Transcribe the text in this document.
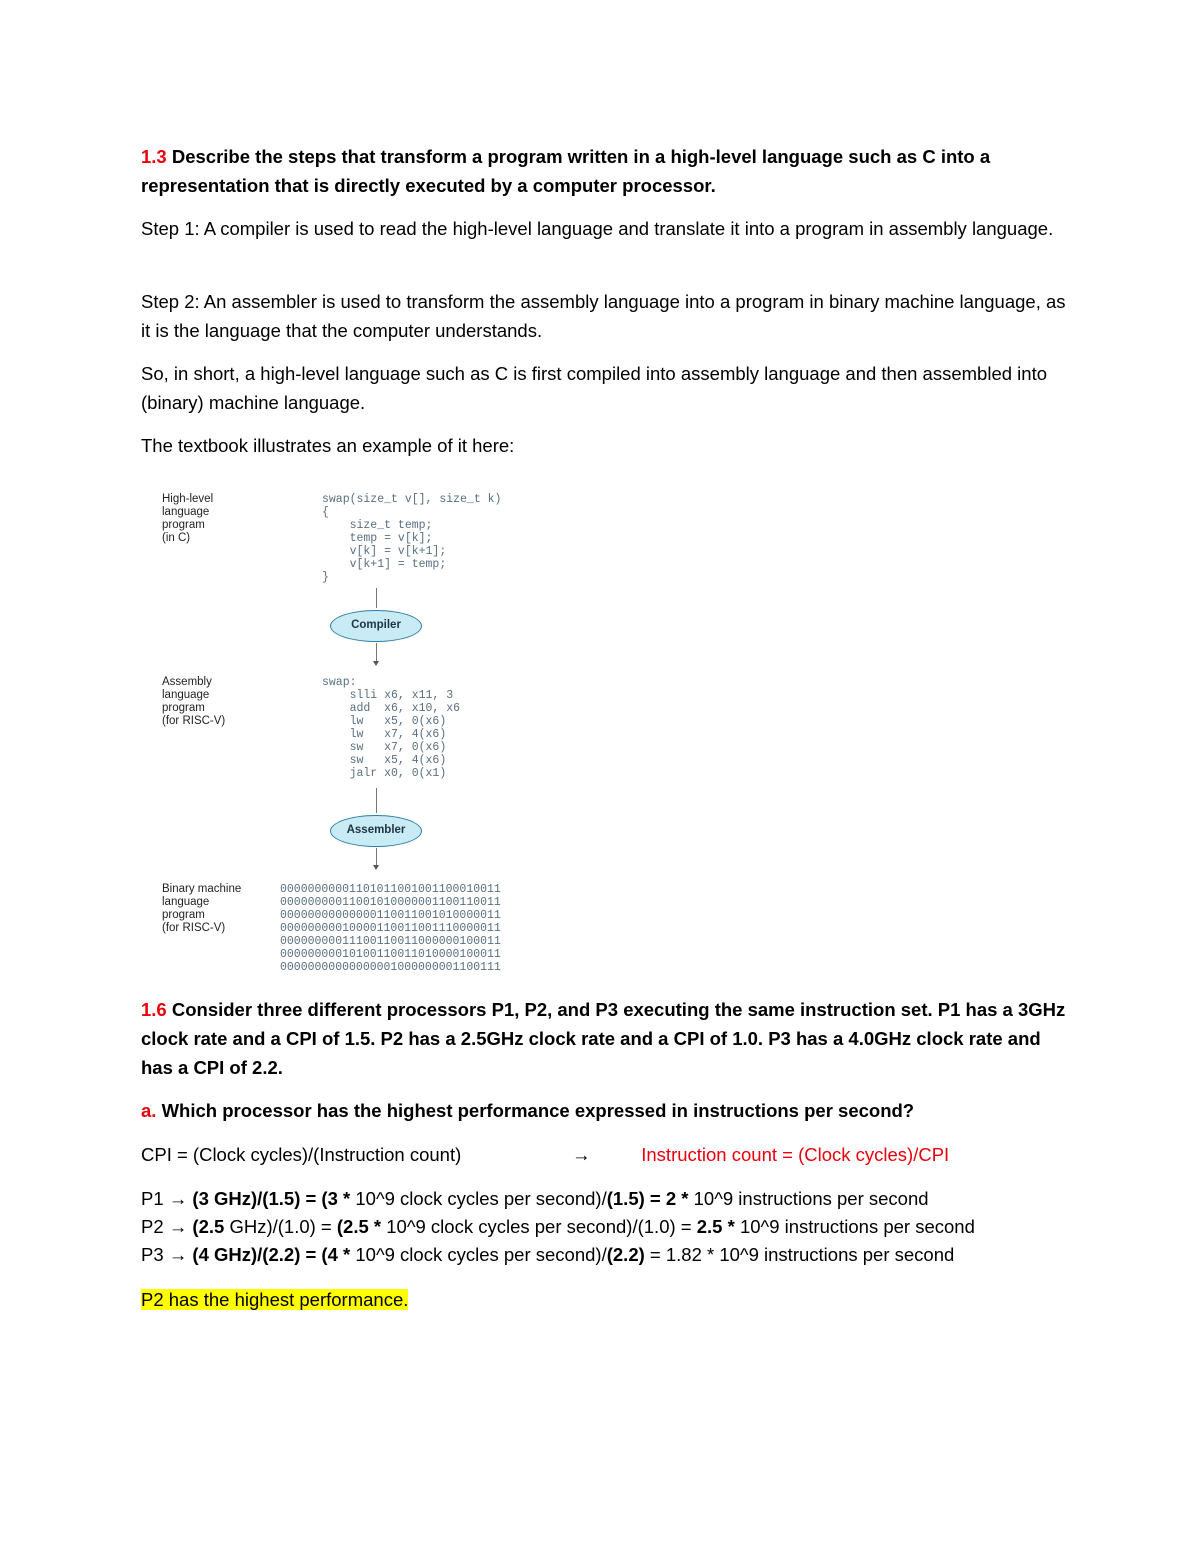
1.3 Describe the steps that transform a program written in a high-level language such as C into a representation that is directly executed by a computer processor.

Step 1: A compiler is used to read the high-level language and translate it into a program in assembly language.

Step 2: An assembler is used to transform the assembly language into a program in binary machine language, as it is the language that the computer understands.

So, in short, a high-level language such as C is first compiled into assembly language and then assembled into (binary) machine language.

The textbook illustrates an example of it here:

High-level
language
program
(in C)
swap(size_t v[], size_t k)
{
size_t temp;
temp = v[k];
v[k] = v[k+1];
v[k+1] = temp;
}
Compiler
Assembly
language
program
(for RISC-V)
swap:
slli x6, x11, 3
add  x6, x10, x6
lw   x5, 0(x6)
lw   x7, 4(x6)
sw   x7, 0(x6)
sw   x5, 4(x6)
jalr x0, 0(x1)
Assembler
Binary machine
language
program
(for RISC-V)
00000000001101011001001100010011
00000000011001010000001100110011
00000000000000110011001010000011
00000000010000110011001110000011
00000000011100110011000000100011
00000000010100110011010000100011
00000000000000001000000001100111

1.6 Consider three different processors P1, P2, and P3 executing the same instruction set. P1 has a 3GHz clock rate and a CPI of 1.5. P2 has a 2.5GHz clock rate and a CPI of 1.0. P3 has a 4.0GHz clock rate and has a CPI of 2.2.

a. Which processor has the highest performance expressed in instructions per second?

CPI = (Clock cycles)/(Instruction count)	→	Instruction count = (Clock cycles)/CPI

P1 → (3 GHz)/(1.5) = (3 * 10^9 clock cycles per second)/(1.5) = 2 * 10^9 instructions per second

P2 → (2.5 GHz)/(1.0) = (2.5 * 10^9 clock cycles per second)/(1.0) = 2.5 * 10^9 instructions per second

P3 → (4 GHz)/(2.2) = (4 * 10^9 clock cycles per second)/(2.2) = 1.82 * 10^9 instructions per second

P2 has the highest performance.
